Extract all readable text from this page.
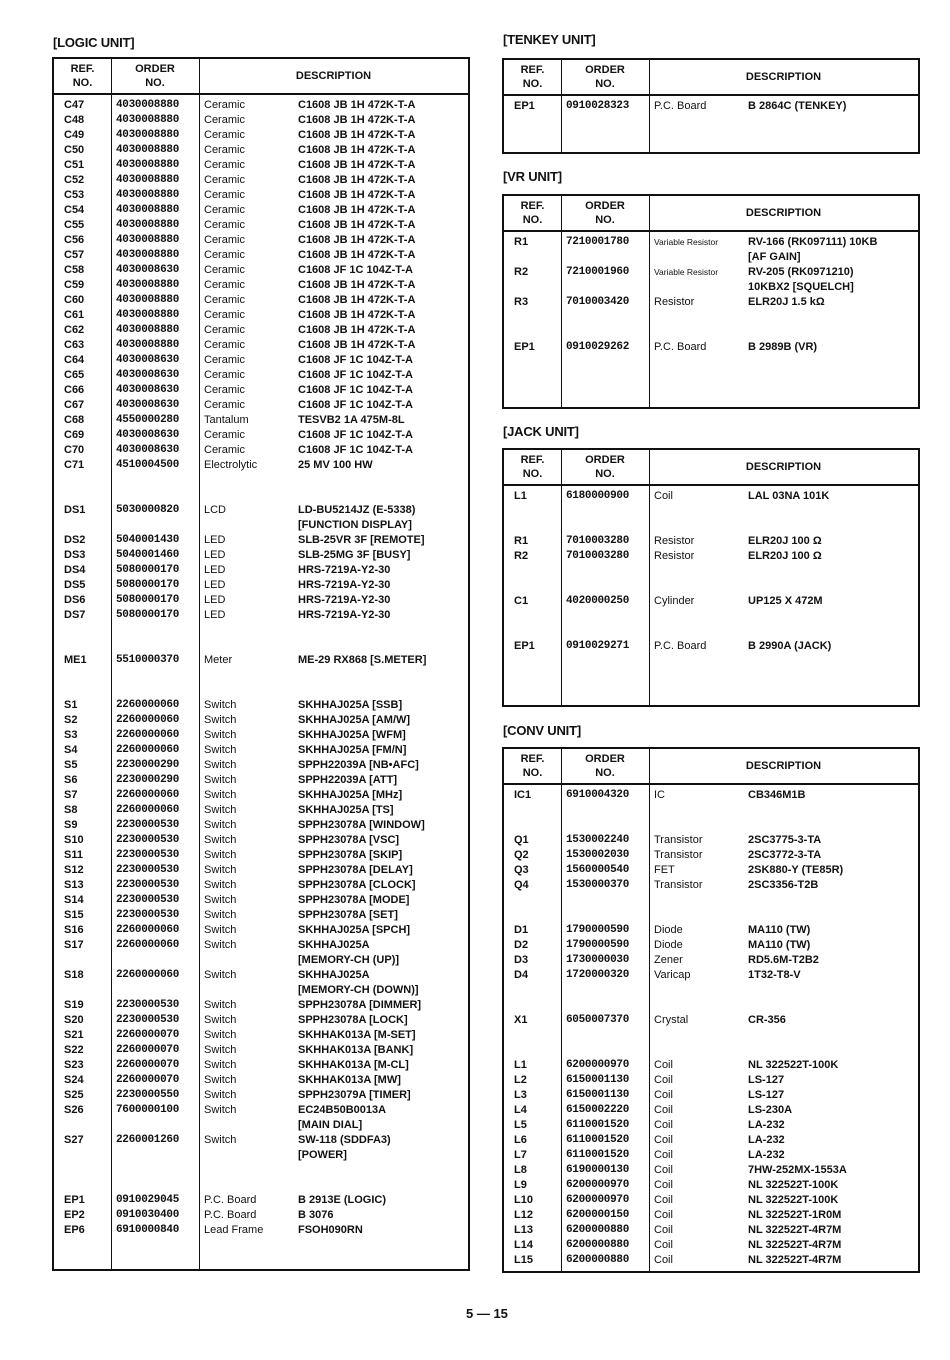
[LOGIC UNIT]	[TENKEY UNIT]
[VR UNIT]
[JACK UNIT]
[CONV UNIT]
REF.
NO.
ORDER
NO.
DESCRIPTION
C47	4030008880 Ceramic	C1608 JB 1H 472K-T-A
C48	4030008880 Ceramic	C1608 JB 1H 472K-T-A
C49	4030008880 Ceramic	C1608 JB 1H 472K-T-A
C50	4030008880 Ceramic	C1608 JB 1H 472K-T-A
C51	4030008880 Ceramic	C1608 JB 1H 472K-T-A
C52	4030008880 Ceramic	C1608 JB 1H 472K-T-A
C53	4030008880 Ceramic	C1608 JB 1H 472K-T-A
C54	4030008880 Ceramic	C1608 JB 1H 472K-T-A
C55	4030008880 Ceramic	C1608 JB 1H 472K-T-A
C56	4030008880 Ceramic	C1608 JB 1H 472K-T-A
C57	4030008880 Ceramic	C1608 JB 1H 472K-T-A
C58	4030008630 Ceramic	C1608 JF 1C 104Z-T-A
C59	4030008880 Ceramic	C1608 JB 1H 472K-T-A
C60	4030008880 Ceramic	C1608 JB 1H 472K-T-A
C61	4030008880 Ceramic	C1608 JB 1H 472K-T-A
C62	4030008880 Ceramic	C1608 JB 1H 472K-T-A
C63	4030008880 Ceramic	C1608 JB 1H 472K-T-A
C64	4030008630 Ceramic	C1608 JF 1C 104Z-T-A
C65	4030008630 Ceramic	C1608 JF 1C 104Z-T-A
C66	4030008630 Ceramic	C1608 JF 1C 104Z-T-A
C67	4030008630 Ceramic	C1608 JF 1C 104Z-T-A
C68	4550000280 Tantalum	TESVB2 1A 475M-8L
C69	4030008630 Ceramic	C1608 JF 1C 104Z-T-A
C70	4030008630 Ceramic	C1608 JF 1C 104Z-T-A
C71	4510004500 Electrolytic	25 MV 100 HW
DS1	5030000820 LCD	LD-BU5214JZ (E-5338)
[FUNCTION DISPLAY]
DS2	5040001430 LED	SLB-25VR 3F [REMOTE]
DS3	5040001460 LED	SLB-25MG 3F [BUSY]
DS4	5080000170 LED	HRS-7219A-Y2-30
DS5	5080000170 LED	HRS-7219A-Y2-30
DS6	5080000170 LED	HRS-7219A-Y2-30
DS7	5080000170 LED	HRS-7219A-Y2-30
ME1	5510000370 Meter	ME-29 RX868 [S.METER]
S1	2260000060 Switch	SKHHAJ025A [SSB]
S2	2260000060 Switch	SKHHAJ025A [AM/W]
S3	2260000060 Switch	SKHHAJ025A [WFM]
S4	2260000060 Switch	SKHHAJ025A [FM/N]
S5	2230000290 Switch	SPPH22039A [NB•AFC]
S6	2230000290 Switch	SPPH22039A [ATT]
S7	2260000060 Switch	SKHHAJ025A [MHz]
S8	2260000060 Switch	SKHHAJ025A [TS]
S9	2230000530 Switch	SPPH23078A [WINDOW]
S10	2230000530 Switch	SPPH23078A [VSC]
S11	2230000530 Switch	SPPH23078A [SKIP]
S12	2230000530 Switch	SPPH23078A [DELAY]
S13	2230000530 Switch	SPPH23078A [CLOCK]
S14	2230000530 Switch	SPPH23078A [MODE]
S15	2230000530 Switch	SPPH23078A [SET]
S16	2260000060 Switch	SKHHAJ025A [SPCH]
S17	2260000060 Switch	SKHHAJ025A
[MEMORY-CH (UP)]
S18	2260000060 Switch	SKHHAJ025A
[MEMORY-CH (DOWN)]
S19	2230000530 Switch	SPPH23078A [DIMMER]
S20	2230000530 Switch	SPPH23078A [LOCK]
S21	2260000070 Switch	SKHHAK013A [M-SET]
S22	2260000070 Switch	SKHHAK013A [BANK]
S23	2260000070 Switch	SKHHAK013A [M-CL]
S24	2260000070 Switch	SKHHAK013A [MW]
S25	2230000550 Switch	SPPH23079A [TIMER]
S26	7600000100 Switch	EC24B50B0013A
[MAIN DIAL]
S27	2260001260 Switch	SW-118 (SDDFA3)
[POWER]
EP1	0910029045 P.C. Board	B 2913E (LOGIC)
EP2	0910030400 P.C. Board	B 3076
EP6	6910000840 Lead Frame	FSOH090RN
REF.
NO.
ORDER
NO.
DESCRIPTION
EP1	0910028323 P.C. Board	B 2864C (TENKEY)
REF.
NO.
ORDER
NO.
DESCRIPTION
R1	7210001780	Variable Resistor	RV-166 (RK097111) 10KB
[AF GAIN]
R2	7210001960	Variable Resistor	RV-205 (RK0971210)
10KBX2 [SQUELCH]
R3	7010003420 Resistor	ELR20J 1.5 kΩ
EP1	0910029262 P.C. Board	B 2989B (VR)
REF.
NO.
ORDER
NO.
DESCRIPTION
L1	6180000900 Coil	LAL 03NA 101K
R1	7010003280 Resistor	ELR20J 100 Ω
R2	7010003280 Resistor	ELR20J 100 Ω
C1	4020000250 Cylinder	UP125 X 472M
EP1	0910029271 P.C. Board	B 2990A (JACK)
REF.
NO.
ORDER
NO.
DESCRIPTION
IC1	6910004320 IC	CB346M1B
Q1	1530002240 Transistor	2SC3775-3-TA
Q2	1530002030 Transistor	2SC3772-3-TA
Q3	1560000540 FET	2SK880-Y (TE85R)
Q4	1530000370 Transistor	2SC3356-T2B
D1	1790000590 Diode	MA110 (TW)
D2	1790000590 Diode	MA110 (TW)
D3	1730000030 Zener	RD5.6M-T2B2
D4	1720000320 Varicap	1T32-T8-V
X1	6050007370 Crystal	CR-356
L1	6200000970 Coil	NL 322522T-100K
L2	6150001130 Coil	LS-127
L3	6150001130 Coil	LS-127
L4	6150002220 Coil	LS-230A
L5	6110001520 Coil	LA-232
L6	6110001520 Coil	LA-232
L7	6110001520 Coil	LA-232
L8	6190000130 Coil	7HW-252MX-1553A
L9	6200000970 Coil	NL 322522T-100K
L10	6200000970 Coil	NL 322522T-100K
L12	6200000150 Coil	NL 322522T-1R0M
L13	6200000880 Coil	NL 322522T-4R7M
L14	6200000880 Coil	NL 322522T-4R7M
L15	6200000880 Coil	NL 322522T-4R7M
5 — 15
